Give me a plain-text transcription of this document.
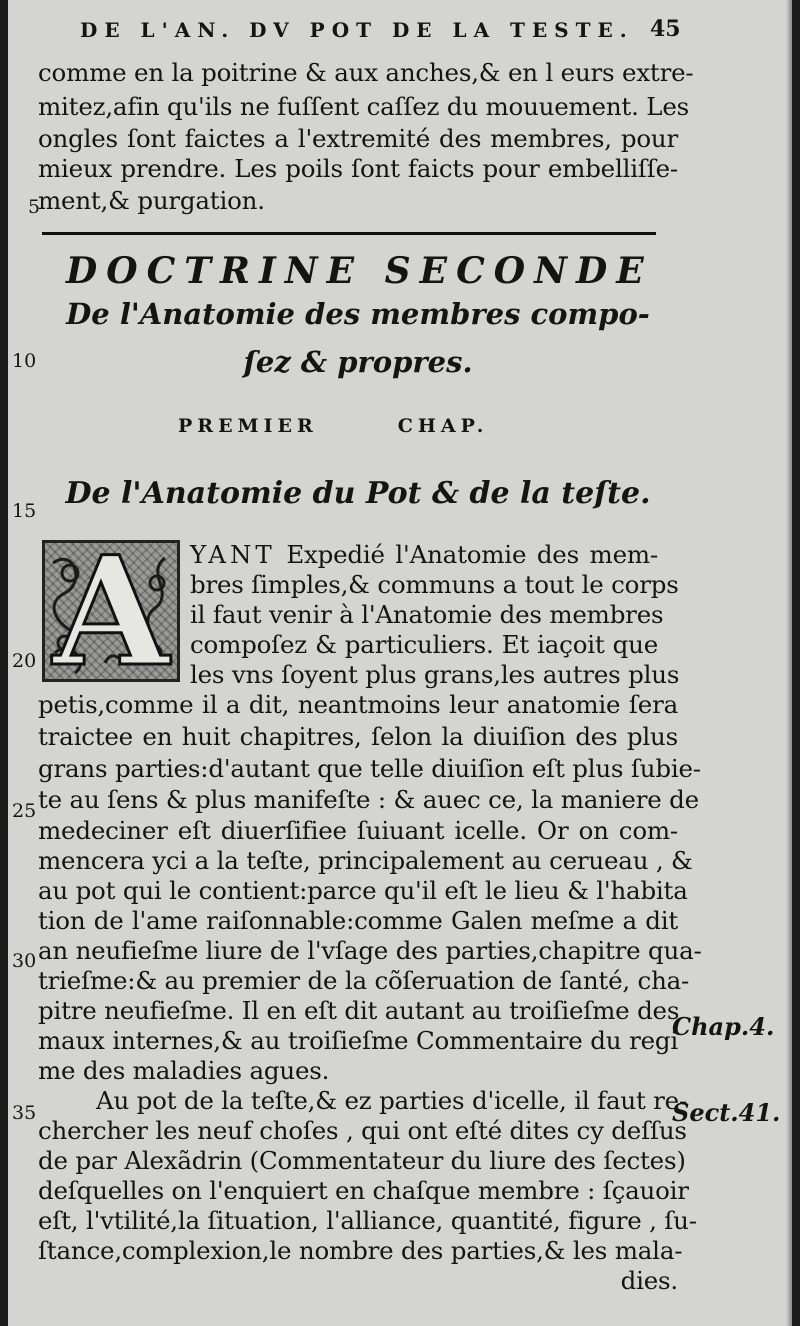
DE L'AN. DV POT DE LA TESTE. 45
comme en la poitrine & aux anches,& en l eurs extre-
mitez,afin qu'ils ne fuſſent caſſez du mouuement. Les
ongles ſont faictes a l'extremité des membres, pour
mieux prendre. Les poils ſont faicts pour embelliſſe-
ment,& purgation.
DOCTRINE SECONDE
De l'Anatomie des membres compo-
ſez & propres.
PREMIER	CHAP.
De l'Anatomie du Pot & de la teſte.
A YANT Expedié l'Anatomie des mem-
bres ſimples,& communs a tout le corps
il faut venir à l'Anatomie des membres
compoſez & particuliers. Et iaçoit que
les vns ſoyent plus grans,les autres plus
petis,comme il a dit, neantmoins leur anatomie ſera
traictee en huit chapitres, ſelon la diuiſion des plus
grans parties:d'autant que telle diuiſion eſt plus ſubie-
te au ſens & plus manifeſte : & auec ce, la maniere de
medeciner eſt diuerſifiee ſuiuant icelle. Or on com-
mencera yci a la teſte, principalement au cerueau , &
au pot qui le contient:parce qu'il eſt le lieu & l'habita
tion de l'ame raiſonnable:comme Galen meſme a dit
an neufieſme liure de l'vſage des parties,chapitre qua-
trieſme:& au premier de la cõſeruation de ſanté, cha-
pitre neufieſme. Il en eſt dit autant au troiſieſme des
maux internes,& au troiſieſme Commentaire du regi
me des maladies agues.
Au pot de la teſte,& ez parties d'icelle, il faut re-
chercher les neuf choſes , qui ont eſté dites cy deſſus
de par Alexãdrin (Commentateur du liure des ſectes)
deſquelles on l'enquiert en chaſque membre : ſçauoir
eſt, l'vtilité,la ſituation, l'alliance, quantité, figure , ſu-
ſtance,complexion,le nombre des parties,& les mala-
dies.
5
10
15
20
25
30
35
Chap.4.
Sect.41.
